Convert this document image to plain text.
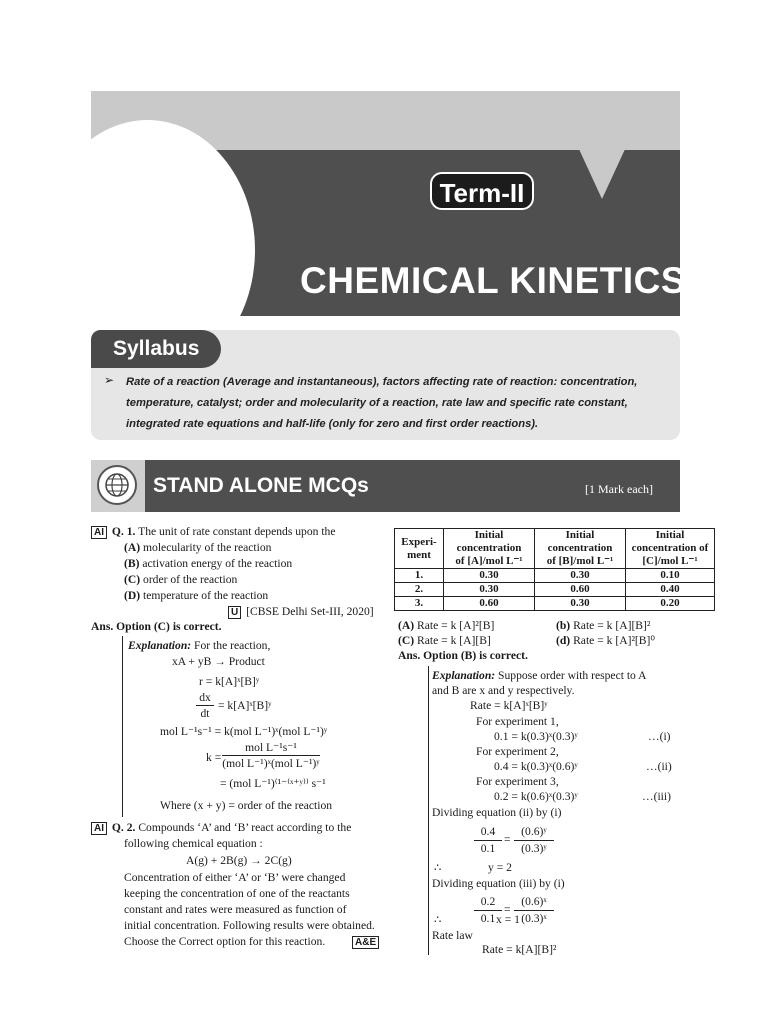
Term-II
CHEMICAL KINETICS
Syllabus
➢	Rate of a reaction (Average and instantaneous), factors affecting rate of reaction: concentration, temperature, catalyst; order and molecularity of a reaction, rate law and specific rate constant, integrated rate equations and half-life (only for zero and first order reactions).
STAND ALONE MCQs	[1 Mark each]
AI Q. 1. The unit of rate constant depends upon the
(A) molecularity of the reaction
(B) activation energy of the reaction
(C) order of the reaction
(D) temperature of the reaction
U [CBSE Delhi Set-III, 2020]
Ans. Option (C) is correct.
Explanation: For the reaction,
xA + yB → Product
r = k[A]ˣ[B]ʸ
$\frac{dx}{dt}$ = k[A]ˣ[B]ʸ
mol L⁻¹s⁻¹ = k(mol L⁻¹)ˣ(mol L⁻¹)ʸ
k =
mol L⁻¹s⁻¹
(mol L⁻¹)ˣ(mol L⁻¹)ʸ
= (mol L⁻¹)⁽¹⁻⁽ˣ⁺ʸ⁾⁾ s⁻¹
Where (x + y) = order of the reaction
AI Q. 2. Compounds ‘A’ and ‘B’ react according to the
following chemical equation :
A(g) + 2B(g) → 2C(g)
Concentration of either ‘A’ or ‘B’ were changed
keeping the concentration of one of the reactants
constant and rates were measured as function of
initial concentration. Following results were obtained.
Choose the Correct option for this reaction.	A&E
Experi-
ment	Initial
concentration
of [A]/mol L⁻¹	Initial
concentration
of [B]/mol L⁻¹	Initial
concentration of
[C]/mol L⁻¹
1.	0.30	0.30	0.10
2.	0.30	0.60	0.40
3.	0.60	0.30	0.20
(A) Rate = k [A]²[B]	(b) Rate = k [A][B]²
(C) Rate = k [A][B]	(d) Rate = k [A]²[B]⁰
Ans. Option (B) is correct.
Explanation: Suppose order with respect to A
and B are x and y respectively.
Rate = k[A]ˣ[B]ʸ
For experiment 1,
0.1 = k(0.3)ˣ(0.3)ʸ	…(i)
For experiment 2,
0.4 = k(0.3)ˣ(0.6)ʸ	…(ii)
For experiment 3,
0.2 = k(0.6)ˣ(0.3)ʸ	…(iii)
Dividing equation (ii) by (i)
$\frac{0.4}{0.1} = \frac{\text{(0.6)ʸ}}{\text{(0.3)ʸ}}$
∴	y = 2
Dividing equation (iii) by (i)
$\frac{0.2}{0.1} = \frac{\text{(0.6)ˣ}}{\text{(0.3)ˣ}}$
∴	x = 1
Rate law
Rate = k[A][B]²
